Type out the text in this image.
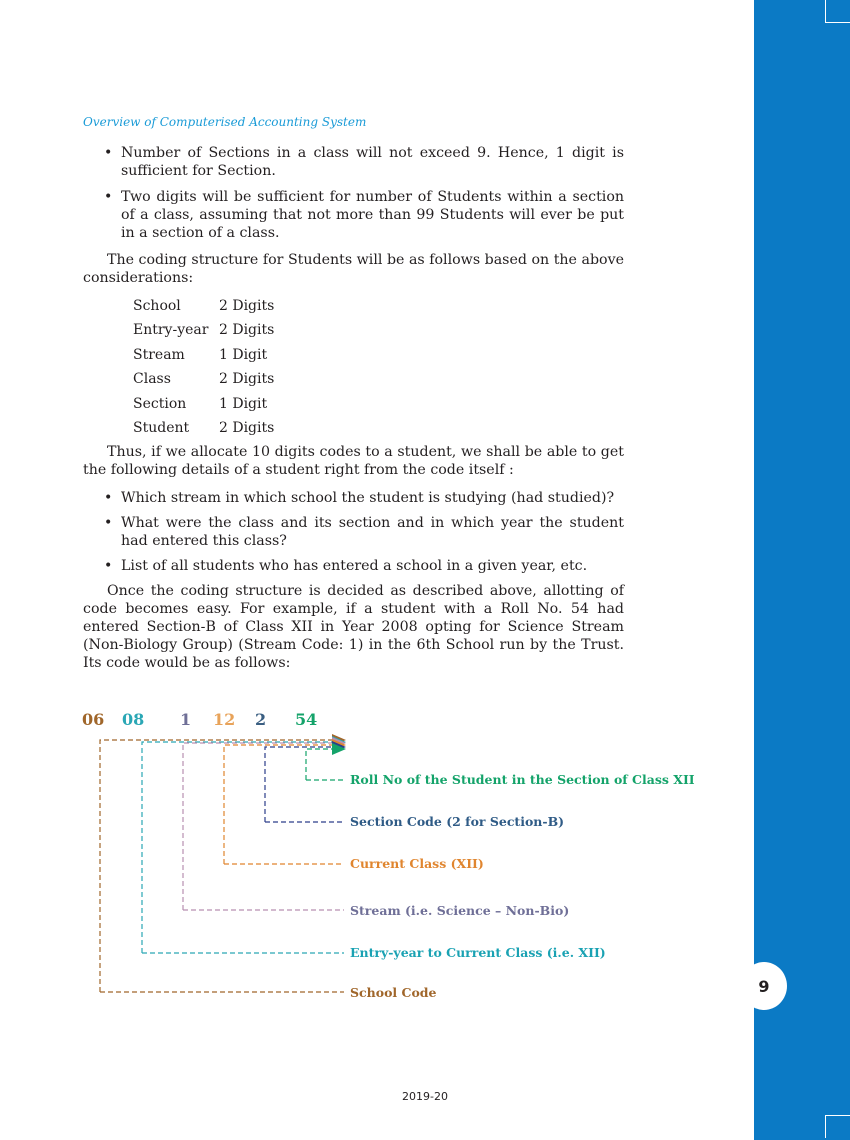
9
Overview of Computerised Accounting System
• Number of Sections in a class will not exceed 9. Hence, 1 digit is sufficient for Section.
• Two digits will be sufficient for number of Students within a section of a class, assuming that not more than 99 Students will ever be put in a section of a class.
The coding structure for Students will be as follows based on the above considerations:
School	2 Digits
Entry-year 2 Digits
Stream 1 Digit
Class	2 Digits
Section 1 Digit
Student 2 Digits
Thus, if we allocate 10 digits codes to a student, we shall be able to get the following details of a student right from the code itself :
• Which stream in which school the student is studying (had studied)?
• What were the class and its section and in which year the student had entered this class?
• List of all students who has entered a school in a given year, etc.
Once the coding structure is decided as described above, allotting of code becomes easy. For example, if a student with a Roll No. 54 had entered Section-B of Class XII in Year 2008 opting for Science Stream (Non-Biology Group) (Stream Code: 1) in the 6th School run by the Trust. Its code would be as follows:
06 08 1 12 2 54
Roll No of the Student in the Section of Class XII
Section Code (2 for Section-B)
Current Class (XII)
Stream (i.e. Science – Non-Bio)
Entry-year to Current Class (i.e. XII)
School Code
2019-20
